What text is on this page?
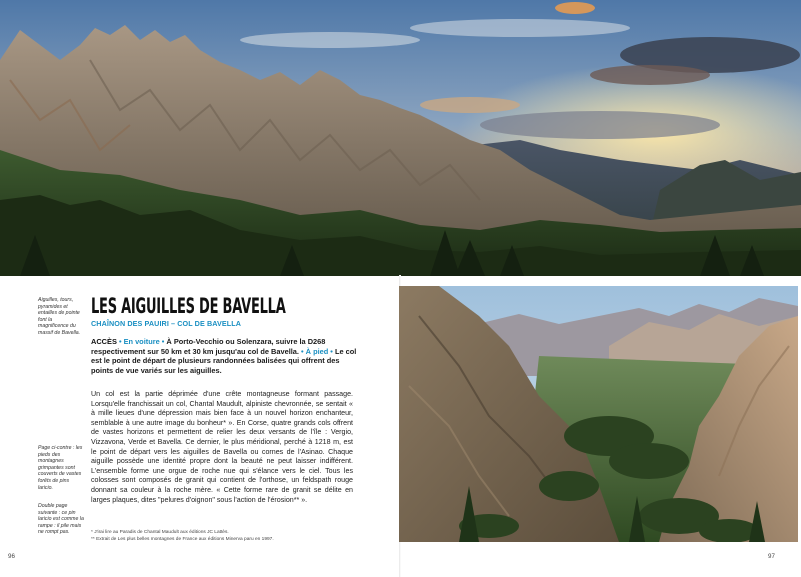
Aiguilles, tours, pyramides et entailles de pointe font la magnificence du massif de Bavella.
Page ci-contre : les pieds des montagnes grimpantes sont couverts de vastes forêts de pins laricio.
Double page suivante : ce pin laricio est comme la rampe : il pile mais ne rompt pas.
LES AIGUILLES DE BAVELLA
CHAÎNON DES PAUIRI – COL DE BAVELLA
ACCÈS • En voiture • À Porto-Vecchio ou Solenzara, suivre la D268 respectivement sur 50 km et 30 km jusqu'au col de Bavella. • À pied • Le col est le point de départ de plusieurs randonnées balisées qui offrent des points de vue variés sur les aiguilles.
Un col est la partie déprimée d'une crête montagneuse formant passage. Lorsqu'elle franchissait un col, Chantal Maudult, alpiniste chevronnée, se sentait « à mille lieues d'une dépression mais bien face à un nouvel horizon enchanteur, semblable à une autre image du bonheur* ». En Corse, quatre grands cols offrent de vastes horizons et permettent de relier les deux versants de l'île : Vergio, Vizzavona, Verde et Bavella. Ce dernier, le plus méridional, perché à 1218 m, est le point de départ vers les aiguilles de Bavella ou cornes de l'Asinao. Chaque aiguille possède une identité propre dont la beauté ne peut laisser indifférent. L'ensemble forme une orgue de roche nue qui s'élance vers le ciel. Tous les colosses sont composés de granit qui contient de l'orthose, un feldspath rouge donnant sa couleur à la roche mère. « Cette forme rare de granit se délite en larges plaques, dites "pelures d'oignon" sous l'action de l'érosion** ».
* J'irai lire au Paradis de Chantal Maudult aux éditions JC Lattès.
** Extrait de Les plus belles montagnes de France aux éditions Minerva paru en 1997.
96	97
